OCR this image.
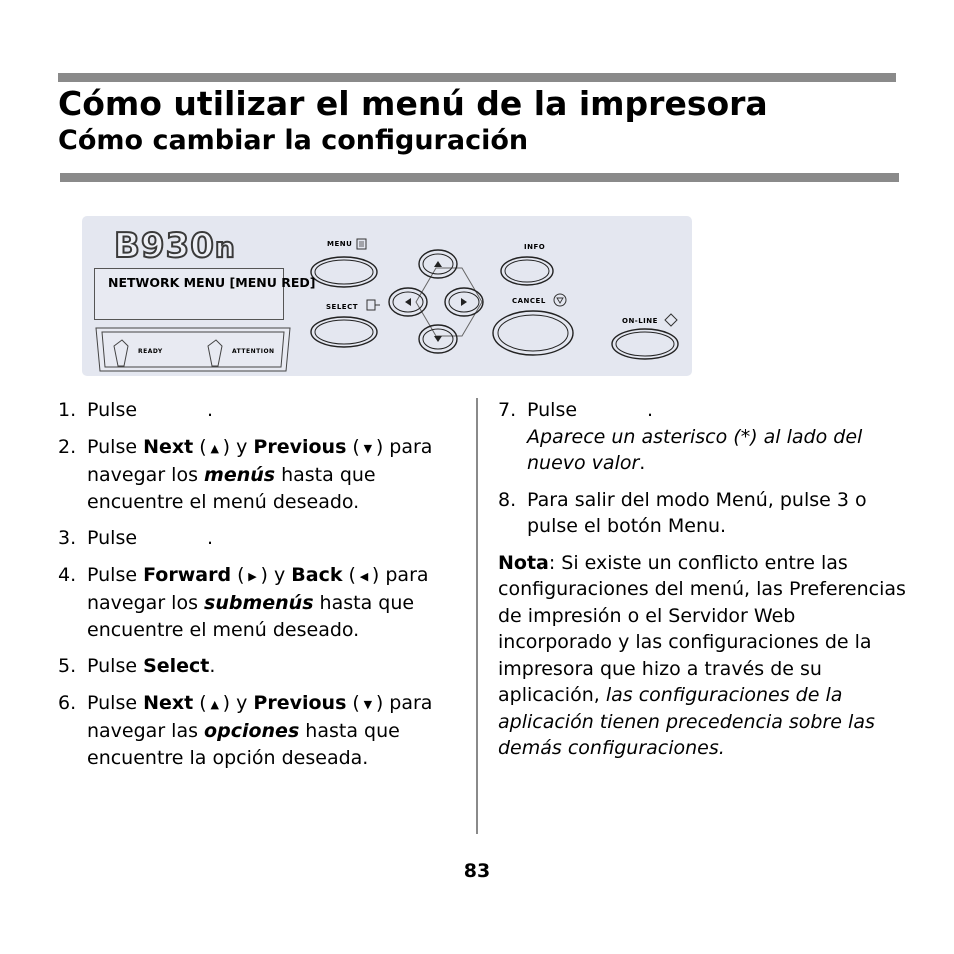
Cómo utilizar el menú de la impresora
Cómo cambiar la configuración
B930n
NETWORK MENU [MENU RED]
MENU
SELECT
INFO
CANCEL
ON-LINE
READY	ATTENTION
1. Pulse	.
2. Pulse Next ( ▲ ) y Previous ( ▼ ) para navegar los menús hasta que encuentre el menú deseado.
3. Pulse	.
4. Pulse Forward ( ▶ ) y Back ( ◀ ) para navegar los submenús hasta que encuentre el menú deseado.
5. Pulse Select.
6. Pulse Next ( ▲ ) y Previous ( ▼ ) para navegar las opciones hasta que encuentre la opción deseada.
7. Pulse	.
Aparece un asterisco (*) al lado del nuevo valor.
8. Para salir del modo Menú, pulse 3 o pulse el botón Menu.
Nota: Si existe un conflicto entre las configuraciones del menú, las Preferencias de impresión o el Servidor Web incorporado y las configuraciones de la impresora que hizo a través de su aplicación, las configuraciones de la aplicación tienen precedencia sobre las demás configuraciones.
83
